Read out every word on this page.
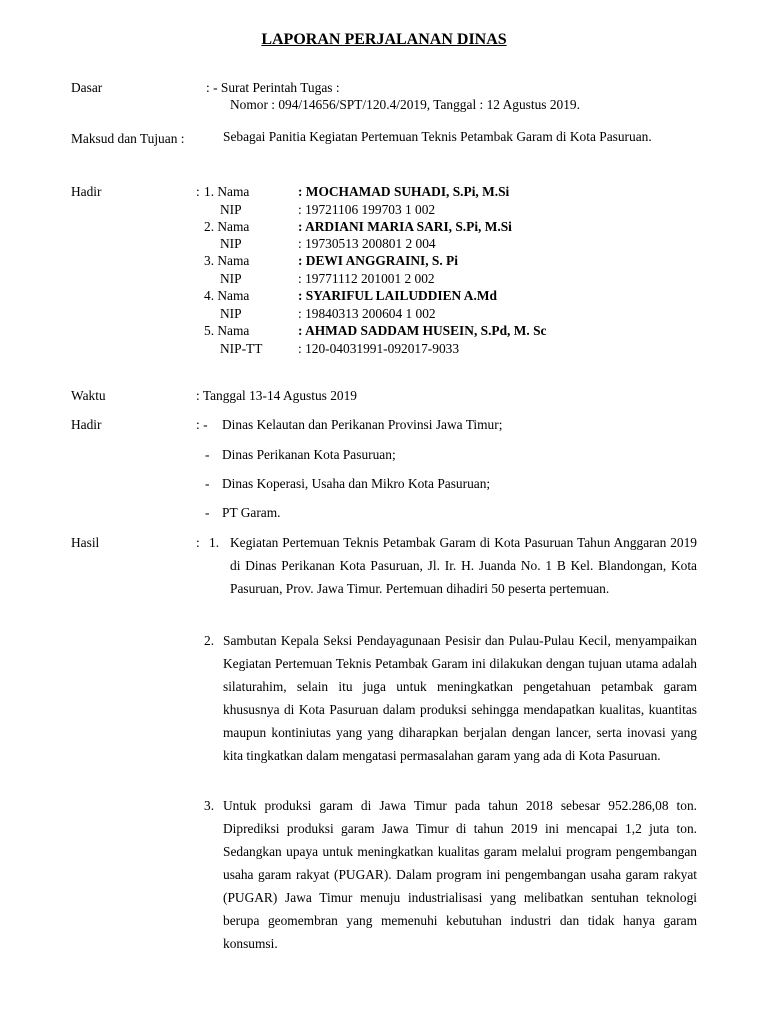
LAPORAN PERJALANAN DINAS
Dasar	: - Surat Perintah Tugas :
Nomor : 094/14656/SPT/120.4/2019, Tanggal : 12 Agustus 2019.
Maksud dan Tujuan :	Sebagai Panitia Kegiatan Pertemuan Teknis Petambak Garam di Kota Pasuruan.
Hadir	: 1. Nama	: MOCHAMAD SUHADI, S.Pi, M.Si
NIP	: 19721106 199703 1 002
2. Nama	: ARDIANI MARIA SARI, S.Pi, M.Si
NIP	: 19730513 200801 2 004
3. Nama	: DEWI ANGGRAINI, S. Pi
NIP	: 19771112 201001 2 002
4. Nama	: SYARIFUL LAILUDDIEN A.Md
NIP	: 19840313 200604 1 002
5. Nama	: AHMAD SADDAM HUSEIN, S.Pd, M. Sc
NIP-TT	: 120-04031991-092017-9033
Waktu	: Tanggal 13-14 Agustus 2019
Hadir	: - Dinas Kelautan dan Perikanan Provinsi Jawa Timur;
- Dinas Perikanan Kota Pasuruan;
- Dinas Koperasi, Usaha dan Mikro Kota Pasuruan;
- PT Garam.
Hasil	: 1. Kegiatan Pertemuan Teknis Petambak Garam di Kota Pasuruan Tahun Anggaran 2019 di Dinas Perikanan Kota Pasuruan, Jl. Ir. H. Juanda No. 1 B Kel. Blandongan, Kota Pasuruan, Prov. Jawa Timur. Pertemuan dihadiri 50 peserta pertemuan.
2. Sambutan Kepala Seksi Pendayagunaan Pesisir dan Pulau-Pulau Kecil, menyampaikan Kegiatan Pertemuan Teknis Petambak Garam ini dilakukan dengan tujuan utama adalah silaturahim, selain itu juga untuk meningkatkan pengetahuan petambak garam khususnya di Kota Pasuruan dalam produksi sehingga mendapatkan kualitas, kuantitas maupun kontiniutas yang yang diharapkan berjalan dengan lancer, serta inovasi yang kita tingkatkan dalam mengatasi permasalahan garam yang ada di Kota Pasuruan.
3. Untuk produksi garam di Jawa Timur pada tahun 2018 sebesar 952.286,08 ton. Diprediksi produksi garam Jawa Timur di tahun 2019 ini mencapai 1,2 juta ton. Sedangkan upaya untuk meningkatkan kualitas garam melalui program pengembangan usaha garam rakyat (PUGAR). Dalam program ini pengembangan usaha garam rakyat (PUGAR) Jawa Timur menuju industrialisasi yang melibatkan sentuhan teknologi berupa geomembran yang memenuhi kebutuhan industri dan tidak hanya garam konsumsi.
